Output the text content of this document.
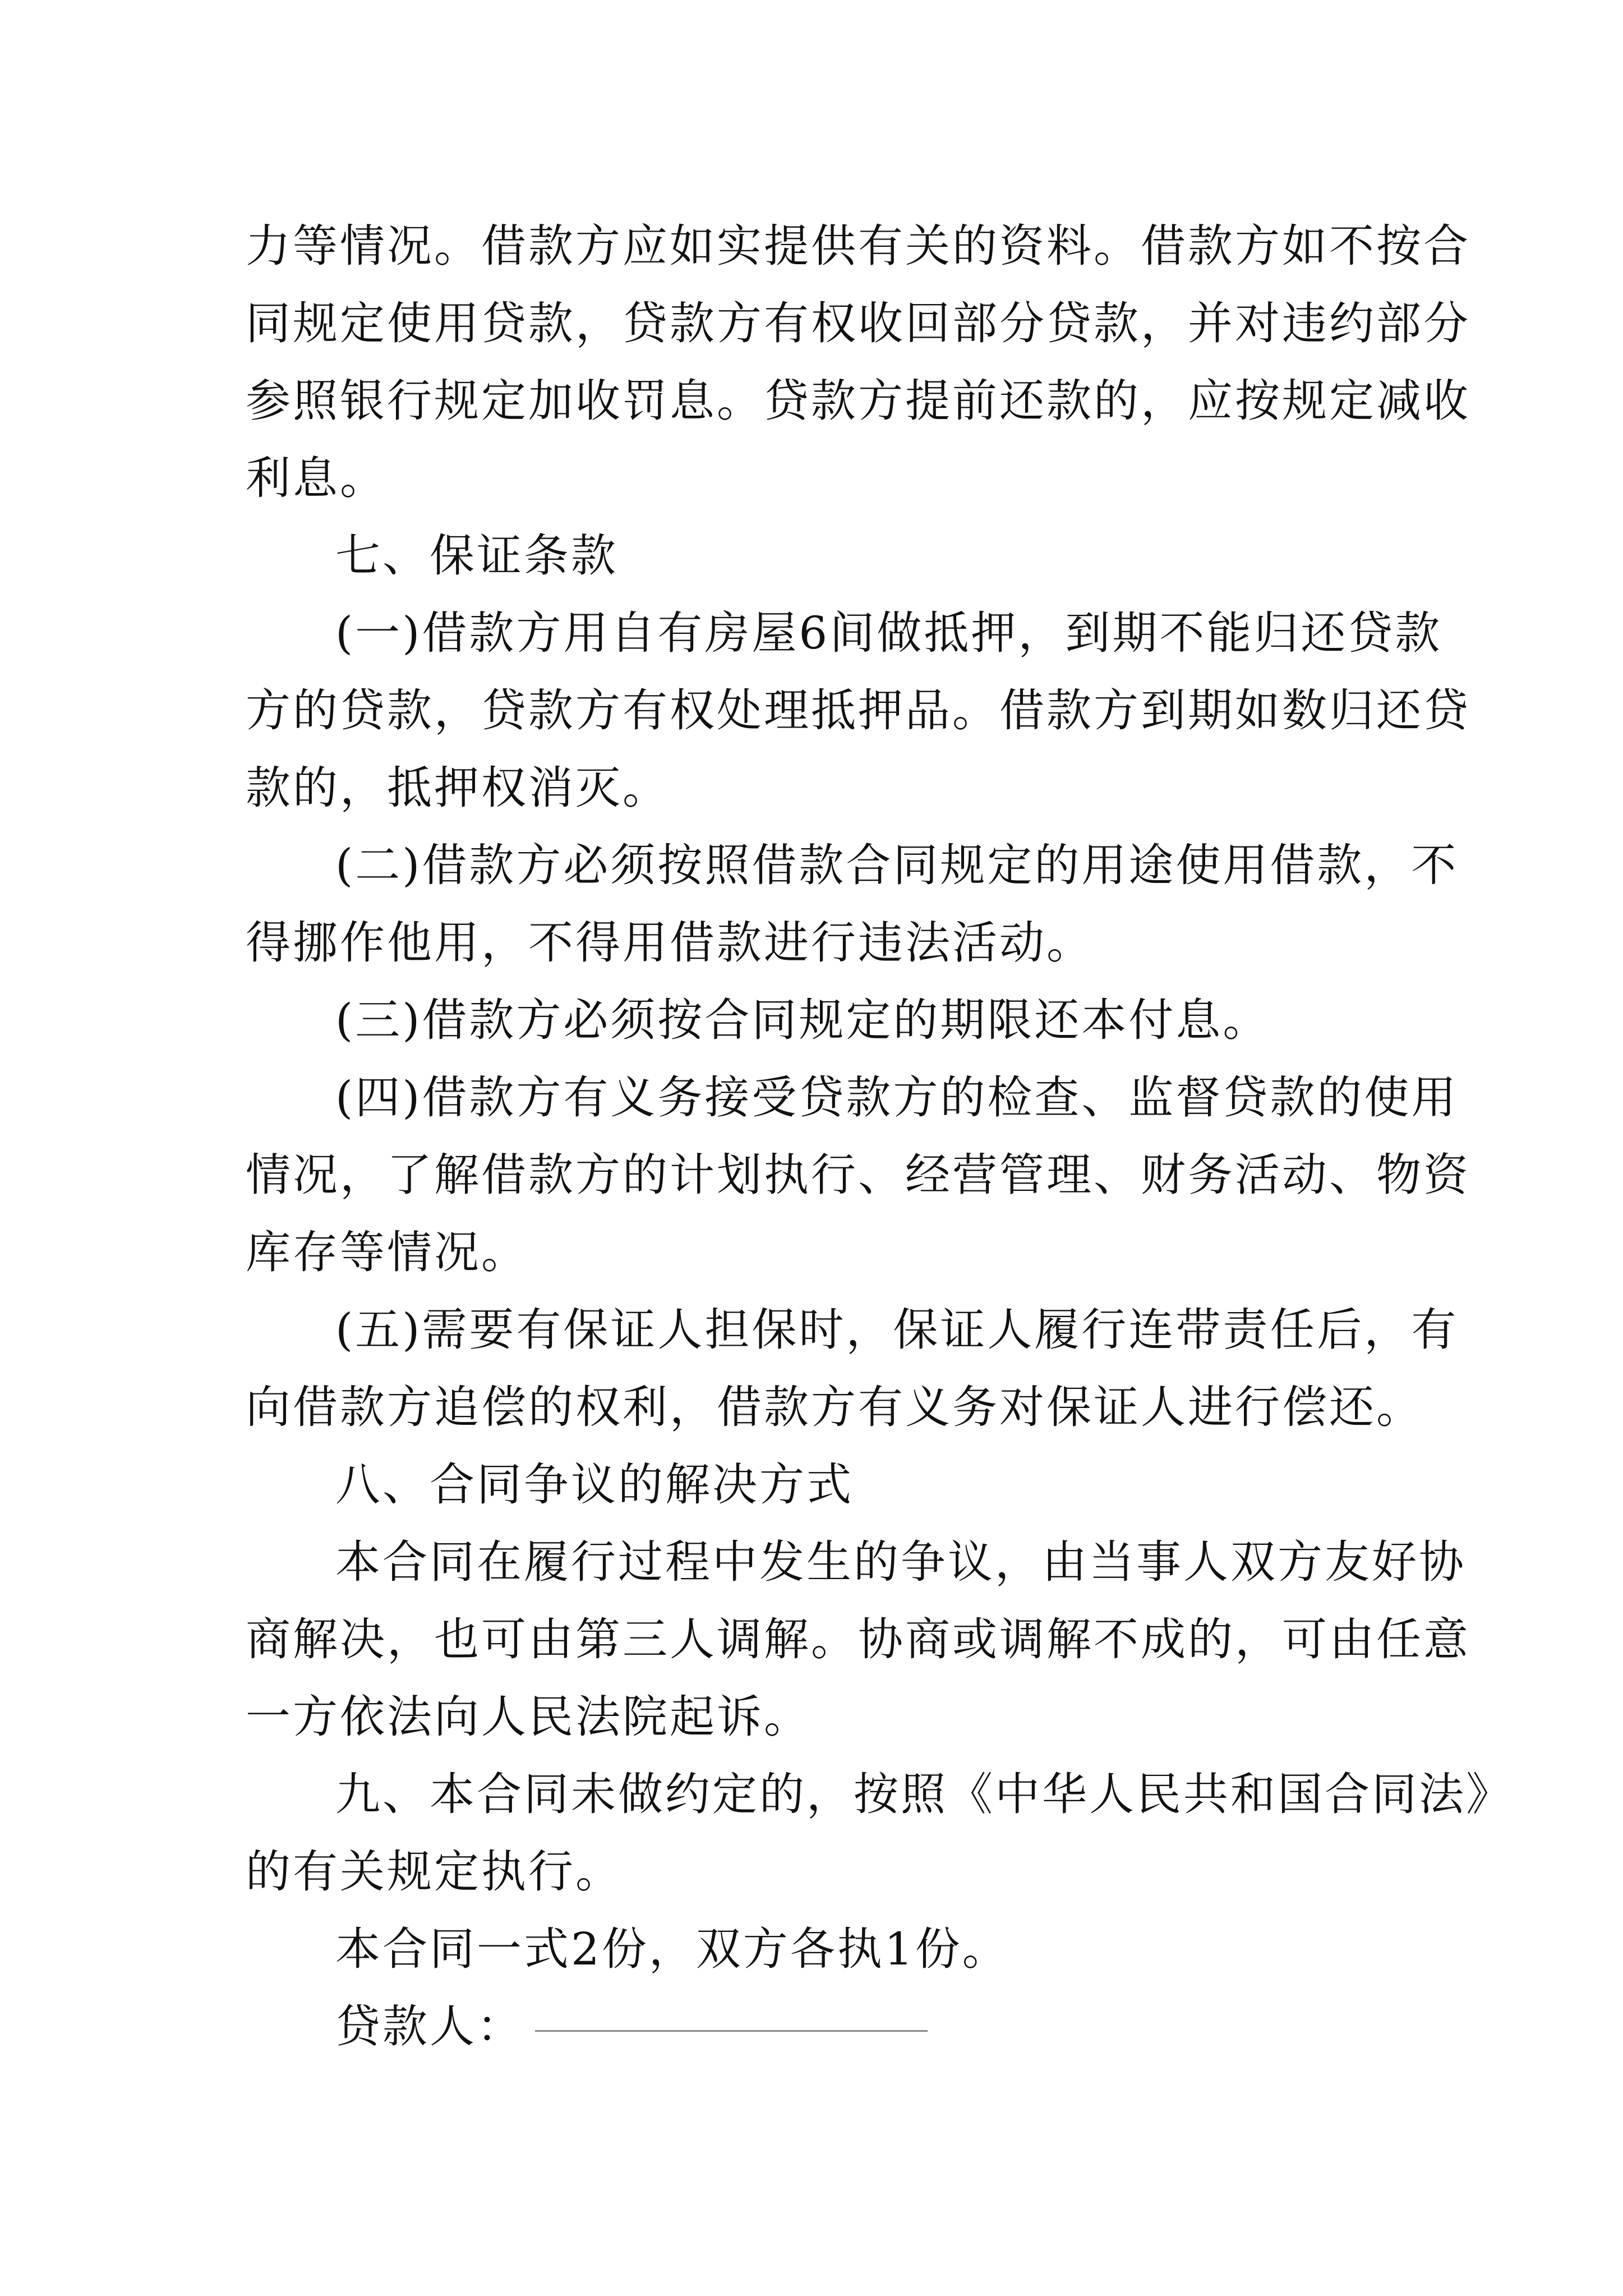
力等情况。借款方应如实提供有关的资料。借款方如不按合
同规定使用贷款，贷款方有权收回部分贷款，并对违约部分
参照银行规定加收罚息。贷款方提前还款的，应按规定减收
利息。
七、保证条款
(一)借款方用自有房屋6间做抵押，到期不能归还贷款
方的贷款，贷款方有权处理抵押品。借款方到期如数归还贷
款的，抵押权消灭。
(二)借款方必须按照借款合同规定的用途使用借款，不
得挪作他用，不得用借款进行违法活动。
(三)借款方必须按合同规定的期限还本付息。
(四)借款方有义务接受贷款方的检查、监督贷款的使用
情况，了解借款方的计划执行、经营管理、财务活动、物资
库存等情况。
(五)需要有保证人担保时，保证人履行连带责任后，有
向借款方追偿的权利，借款方有义务对保证人进行偿还。
八、合同争议的解决方式
本合同在履行过程中发生的争议，由当事人双方友好协
商解决，也可由第三人调解。协商或调解不成的，可由任意
一方依法向人民法院起诉。
九、本合同未做约定的，按照《中华人民共和国合同法》
的有关规定执行。
本合同一式2份，双方各执1份。
贷款人：
